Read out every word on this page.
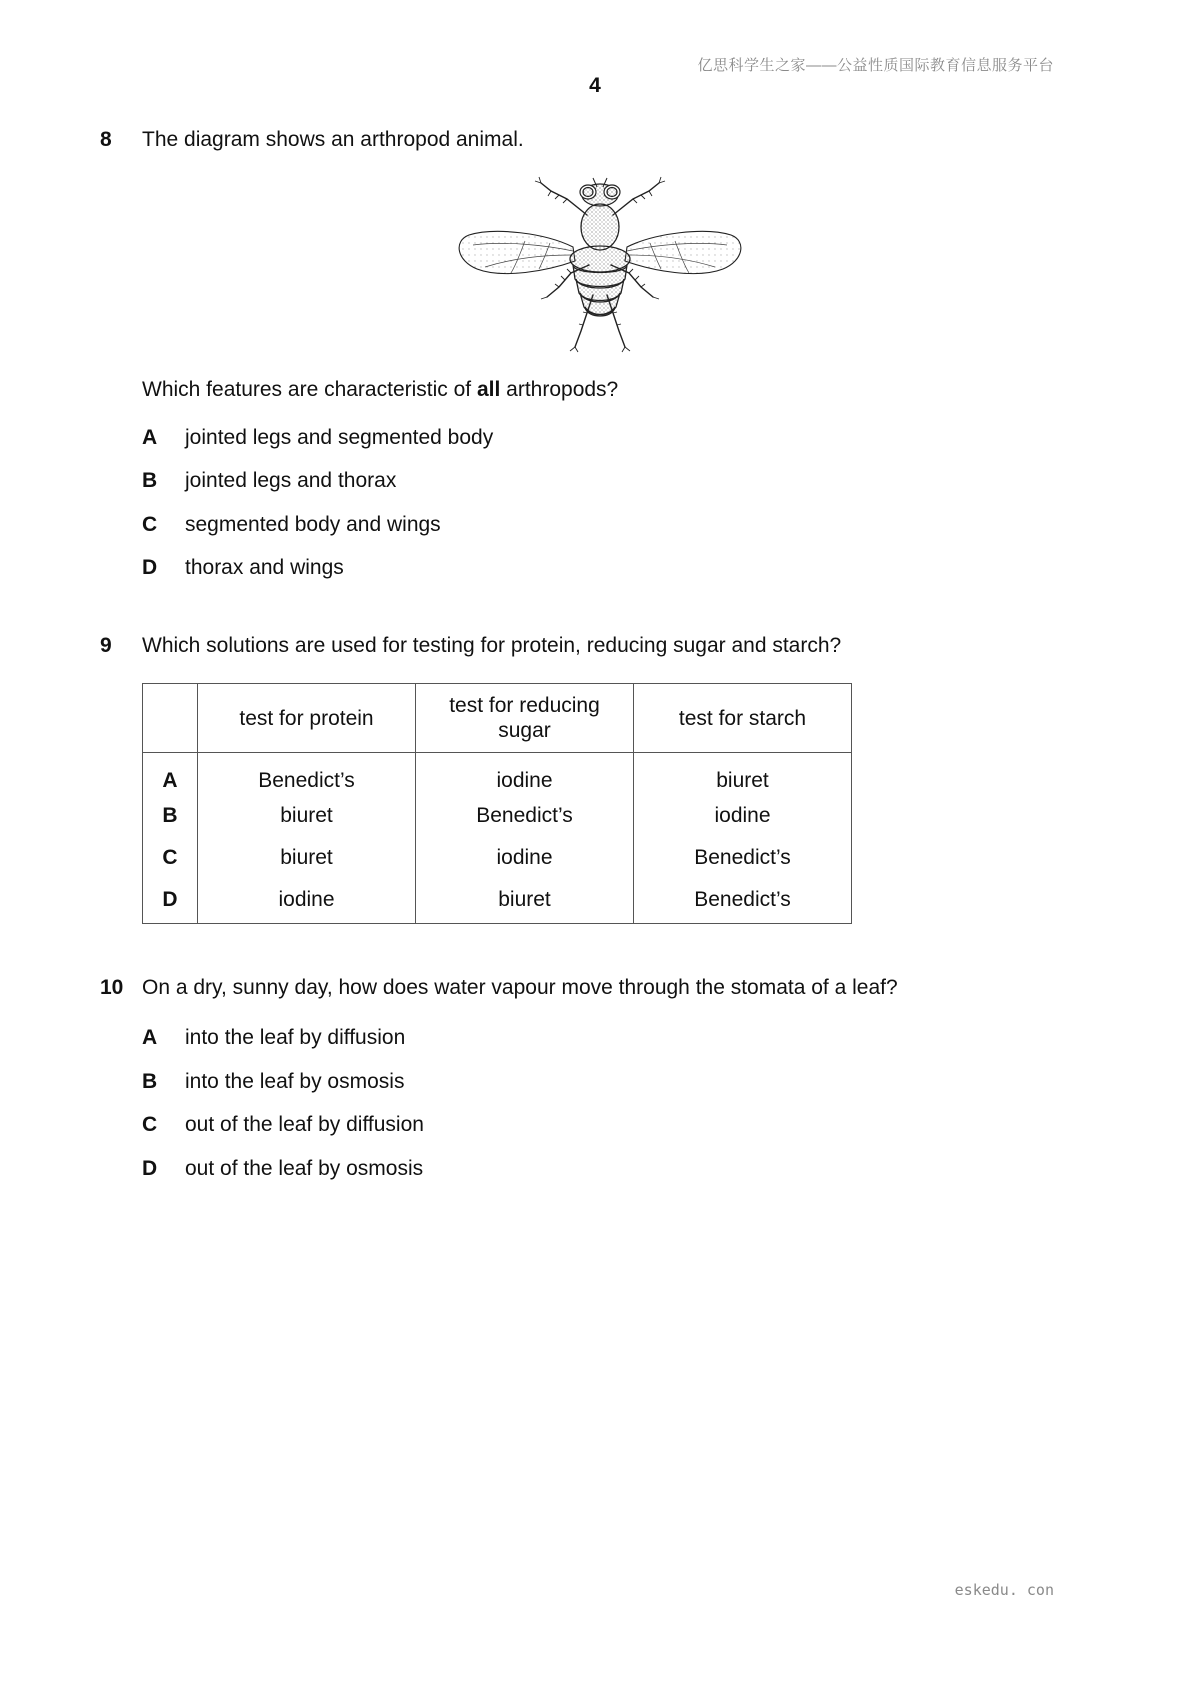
亿思科学生之家——公益性质国际教育信息服务平台
4
8 The diagram shows an arthropod animal.
Which features are characteristic of all arthropods?
A jointed legs and segmented body
B jointed legs and thorax
C segmented body and wings
D thorax and wings
9 Which solutions are used for testing for protein, reducing sugar and starch?
	test for protein	test for reducing sugar	test for starch
A	Benedict’s	iodine	biuret
B	biuret	Benedict’s	iodine
C	biuret	iodine	Benedict’s
D	iodine	biuret	Benedict’s
10 On a dry, sunny day, how does water vapour move through the stomata of a leaf?
A into the leaf by diffusion
B into the leaf by osmosis
C out of the leaf by diffusion
D out of the leaf by osmosis
eskedu. con
